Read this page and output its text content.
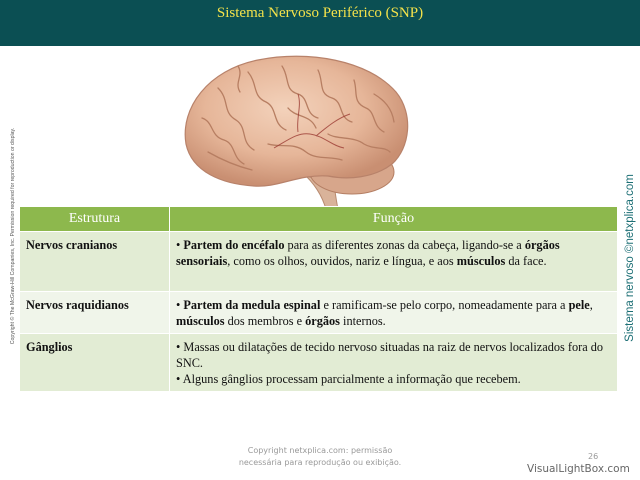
Sistema Nervoso Periférico (SNP)
Copyright © The McGraw-Hill Companies, Inc. Permission required for reproduction or display.	Sistema nervoso ©netxplica.com
Estrutura	Função
Nervos cranianos	• Partem do encéfalo para as diferentes zonas da cabeça, ligando-se a órgãos sensoriais, como os olhos, ouvidos, nariz e língua, e aos músculos da face.
Nervos raquidianos	• Partem da medula espinal e ramificam-se pelo corpo, nomeadamente para a pele, músculos dos membros e órgãos internos.
Gânglios	• Massas ou dilatações de tecido nervoso situadas na raiz de nervos localizados fora do SNC.
• Alguns gânglios processam parcialmente a informação que recebem.
Copyright netxplica.com: permissão
necessária para reprodução ou exibição.
26
VisualLightBox.com
